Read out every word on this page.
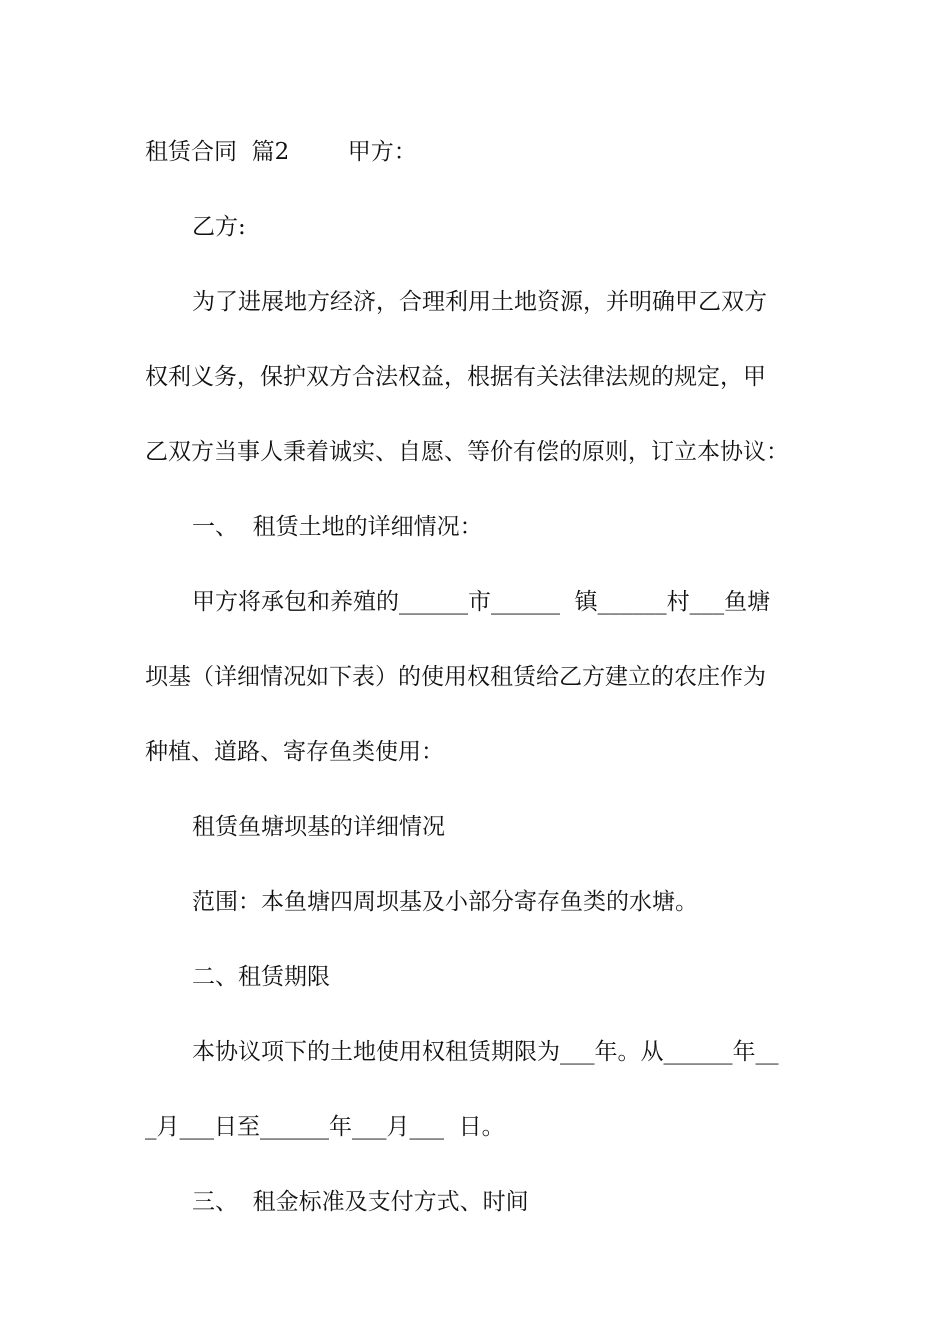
租赁合同  篇2        甲方：
乙方:
为了进展地方经济，合理利用土地资源，并明确甲乙双方
权利义务，保护双方合法权益，根据有关法律法规的规定，甲
乙双方当事人秉着诚实、自愿、等价有偿的原则，订立本协议：
一、  租赁土地的详细情况：
甲方将承包和养殖的______市______  镇______村___鱼塘
坝基（详细情况如下表）的使用权租赁给乙方建立的农庄作为
种植、道路、寄存鱼类使用：
租赁鱼塘坝基的详细情况
范围：本鱼塘四周坝基及小部分寄存鱼类的水塘。
二、租赁期限
本协议项下的土地使用权租赁期限为___年。从______年__
_月___日至______年___月___  日。
三、  租金标准及支付方式、时间
